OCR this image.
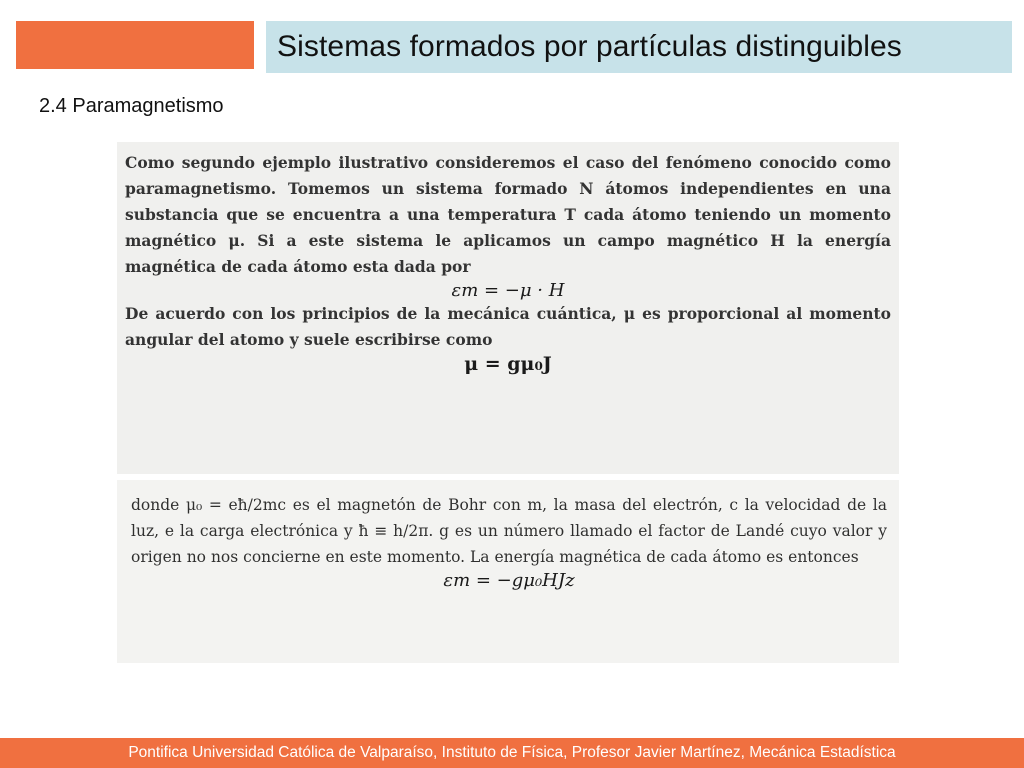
Sistemas formados por partículas distinguibles
2.4 Paramagnetismo

Como segundo ejemplo ilustrativo consideremos el caso del fenómeno conocido como paramagnetismo. Tomemos un sistema formado N átomos independientes en una substancia que se encuentra a una temperatura T cada átomo teniendo un momento magnético μ. Si a este sistema le aplicamos un campo magnético H la energía magnética de cada átomo esta dada por

εm = −μ · H

De acuerdo con los principios de la mecánica cuántica, μ es proporcional al momento angular del atomo y suele escribirse como

μ = gμ₀J

donde μ₀ = eħ/2mc es el magnetón de Bohr con m, la masa del electrón, c la velocidad de la luz, e la carga electrónica y ħ ≡ h/2π. g es un número llamado el factor de Landé cuyo valor y origen no nos concierne en este momento. La energía magnética de cada átomo es entonces

εm = −gμ₀HJz

Pontifica Universidad Católica de Valparaíso, Instituto de Física, Profesor Javier Martínez, Mecánica Estadística
